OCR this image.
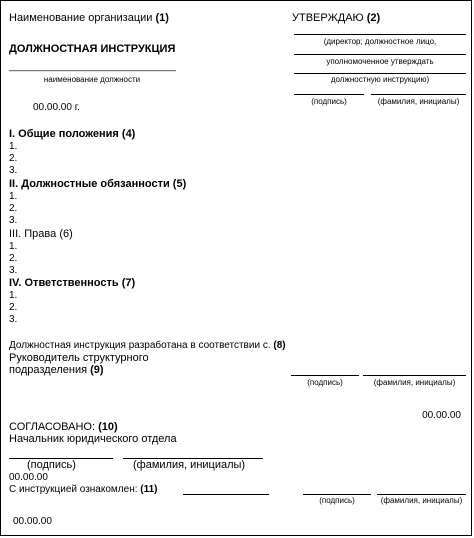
Наименование организации (1)
ДОЛЖНОСТНАЯ ИНСТРУКЦИЯ
______________________________
наименование должности
00.00.00 г.
УТВЕРЖДАЮ (2)
(директор; должностное лицо,
уполномоченное утверждать
должностную инструкцию)
(подпись)	(фамилия, инициалы)
I. Общие положения (4)
1.
2.
3.
II. Должностные обязанности (5)
1.
2.
3.
III. Права (6)
1.
2.
3.
IV. Ответственность (7)
1.
2.
3.
Должностная инструкция разработана в соответствии с. (8)
Руководитель структурного
подразделения (9)
(подпись)	(фамилия, инициалы)
00.00.00
СОГЛАСОВАНО: (10)
Начальник юридического отдела
(подпись)	(фамилия, инициалы)
00.00.00
С инструкцией ознакомлен: (11)
(подпись)	(фамилия, инициалы)
00.00.00
